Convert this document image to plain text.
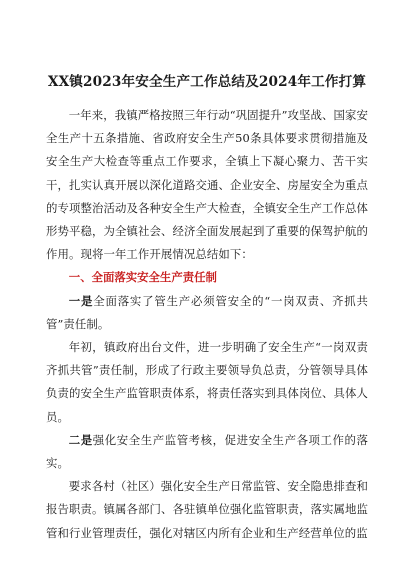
XX镇2023年安全生产工作总结及2024年工作打算

一年来，我镇严格按照三年行动“巩固提升”攻坚战、国家安全生产十五条措施、省政府安全生产50条具体要求贯彻措施及安全生产大检查等重点工作要求，全镇上下凝心聚力、苦干实干，扎实认真开展以深化道路交通、企业安全、房屋安全为重点的专项整治活动及各种安全生产大检查，全镇安全生产工作总体形势平稳，为全镇社会、经济全面发展起到了重要的保驾护航的作用。现将一年工作开展情况总结如下：

一、全面落实安全生产责任制

一是全面落实了管生产必须管安全的“一岗双责、齐抓共管”责任制。

年初，镇政府出台文件，进一步明确了安全生产“一岗双责齐抓共管”责任制，形成了行政主要领导负总责，分管领导具体负责的安全生产监管职责体系，将责任落实到具体岗位、具体人员。

二是强化安全生产监管考核，促进安全生产各项工作的落实。

要求各村（社区）强化安全生产日常监管、安全隐患排查和报告职责。镇属各部门、各驻镇单位强化监管职责，落实属地监管和行业管理责任，强化对辖区内所有企业和生产经营单位的监
